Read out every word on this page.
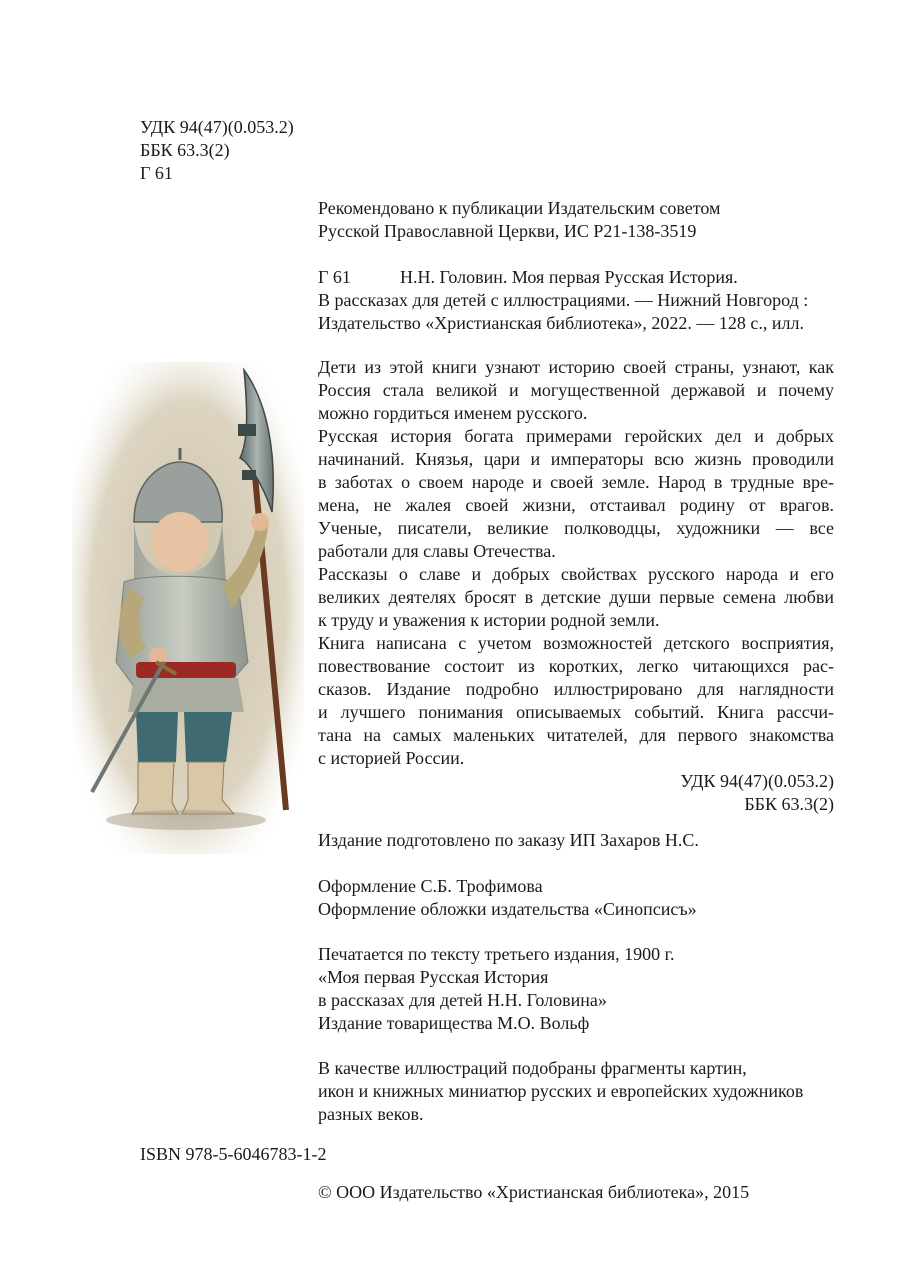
УДК 94(47)(0.053.2)
ББК 63.3(2)
Г 61
Рекомендовано к публикации Издательским советом
Русской Православной Церкви, ИС Р21-138-3519
Г 61	Н.Н. Головин. Моя первая Русская История.
В рассказах для детей с иллюстрациями. — Нижний Новгород :
Издательство «Христианская библиотека», 2022. — 128 с., илл.
Дети из этой книги узнают историю своей страны, узнают, как
Россия стала великой и могущественной державой и почему
можно гордиться именем русского.
Русская история богата примерами геройских дел и добрых
начинаний. Князья, цари и императоры всю жизнь проводили
в заботах о своем народе и своей земле. Народ в трудные вре-
мена, не жалея своей жизни, отстаивал родину от врагов.
Ученые, писатели, великие полководцы, художники — все
работали для славы Отечества.
Рассказы о славе и добрых свойствах русского народа и его
великих деятелях бросят в детские души первые семена любви
к труду и уважения к истории родной земли.
Книга написана с учетом возможностей детского восприятия,
повествование состоит из коротких, легко читающихся рас-
сказов. Издание подробно иллюстрировано для наглядности
и лучшего понимания описываемых событий. Книга рассчи-
тана на самых маленьких читателей, для первого знакомства
с историей России.
УДК 94(47)(0.053.2)
ББК 63.3(2)
Издание подготовлено по заказу ИП Захаров Н.С.
Оформление С.Б. Трофимова
Оформление обложки издательства «Синопсисъ»
Печатается по тексту третьего издания, 1900 г.
«Моя первая Русская История
в рассказах для детей Н.Н. Головина»
Издание товарищества М.О. Вольф
В качестве иллюстраций подобраны фрагменты картин,
икон и книжных миниатюр русских и европейских художников
разных веков.
ISBN 978-5-6046783-1-2
© ООО Издательство «Христианская библиотека», 2015
